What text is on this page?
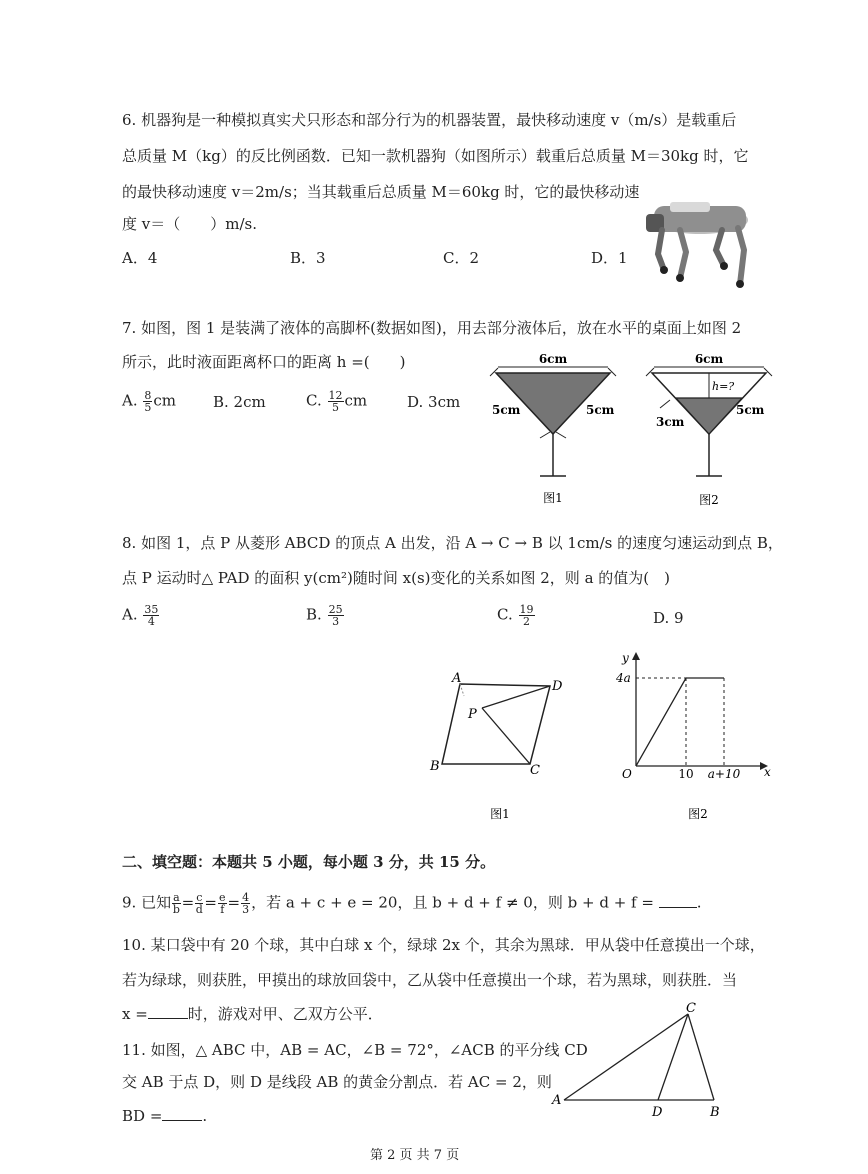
6. 机器狗是一种模拟真实犬只形态和部分行为的机器装置，最快移动速度 v（m/s）是载重后
总质量 M（kg）的反比例函数．已知一款机器狗（如图所示）载重后总质量 M＝30kg 时，它
的最快移动速度 v＝2m/s；当其载重后总质量 M＝60kg 时，它的最快移动速
度 v＝（　　）m/s.
A．4	B．3	C．2	D．1
7. 如图，图 1 是装满了液体的高脚杯(数据如图)，用去部分液体后，放在水平的桌面上如图 2
所示，此时液面距离杯口的距离 h =(　　)
A. $\frac{8}{5}$ cm B. 2cm	C. $\frac{12}{5}$ cm	D. 3cm
6cm
5cm	5cm
图1
6cm
h=?
3cm
5cm
图2
8. 如图 1，点 P 从菱形 ABCD 的顶点 A 出发，沿 A → C → B 以 1cm/s 的速度匀速运动到点 B，
点 P 运动时△ PAD 的面积 y(cm²)随时间 x(s)变化的关系如图 2，则 a 的值为(　)
A. $\frac{35}{4}$	B. $\frac{25}{3}$	C. $\frac{19}{2}$	D. 9
A
D
B	C
P
图1
y
x
O
4a
10 a+10
图2
二、填空题：本题共 5 小题，每小题 3 分，共 15 分。
9. 已知 $\frac{a}{b} = \frac{c}{d} = \frac{e}{f} = \frac{4}{3}$ ，若 a + c + e = 20，且 b + d + f ≠ 0，则 b + d + f =	.
10. 某口袋中有 20 个球，其中白球 x 个，绿球 2x 个，其余为黑球．甲从袋中任意摸出一个球，
若为绿球，则获胜，甲摸出的球放回袋中，乙从袋中任意摸出一个球，若为黑球，则获胜．当
x =	时，游戏对甲、乙双方公平．
11. 如图，△ ABC 中，AB = AC，∠B = 72°，∠ACB 的平分线 CD
交 AB 于点 D，则 D 是线段 AB 的黄金分割点．若 AC = 2，则
BD =	.
A
B
C
D
第 2 页 共 7 页
